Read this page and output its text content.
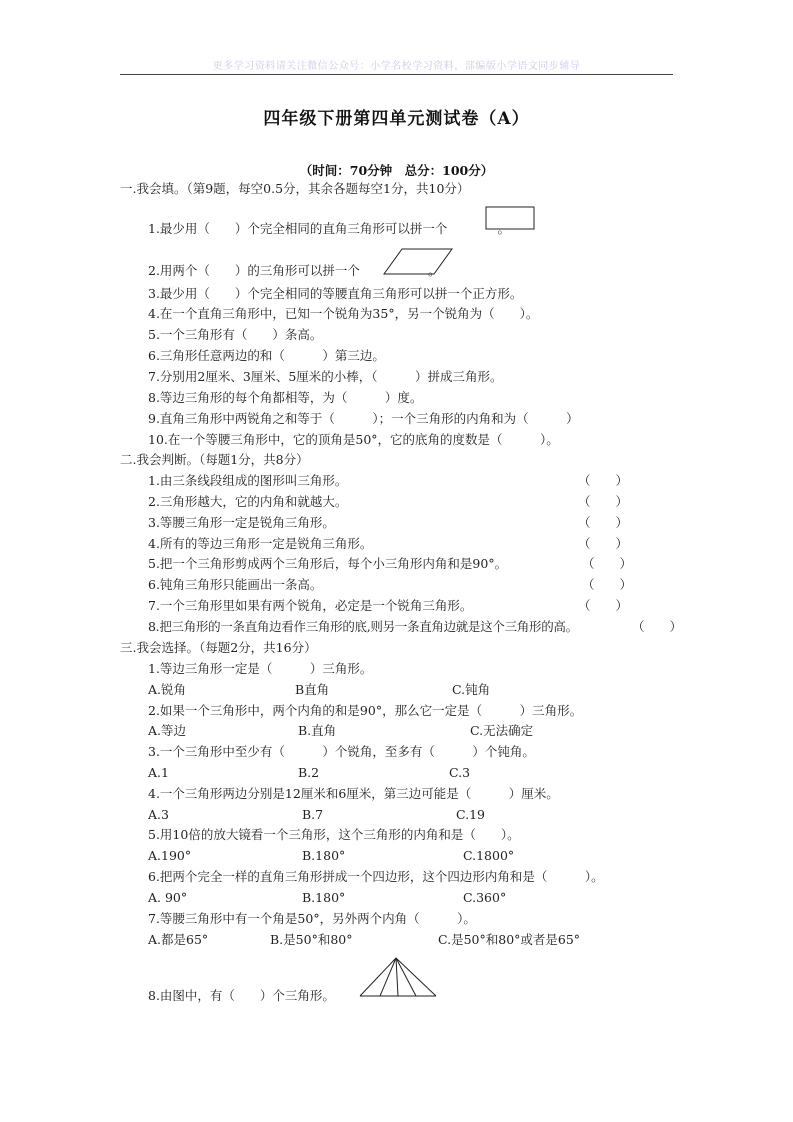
更多学习资料请关注微信公众号：小学名校学习资料，部编版小学语文同步辅导
四年级下册第四单元测试卷（A）
（时间：70分钟　总分：100分）
一.我会填。（第9题，每空0.5分，其余各题每空1分，共10分）
1.最少用（　　）个完全相同的直角三角形可以拼一个	。
2.用两个（　　）的三角形可以拼一个	。
3.最少用（　　）个完全相同的等腰直角三角形可以拼一个正方形。
4.在一个直角三角形中，已知一个锐角为35°，另一个锐角为（　　）。
5.一个三角形有（　　）条高。
6.三角形任意两边的和（　　　）第三边。
7.分别用2厘米、3厘米、5厘米的小棒，（　　　）拼成三角形。
8.等边三角形的每个角都相等，为（　　　）度。
9.直角三角形中两锐角之和等于（　　　）；一个三角形的内角和为（　　　）
10.在一个等腰三角形中，它的顶角是50°，它的底角的度数是（　　　）。
二.我会判断。（每题1分，共8分）
1.由三条线段组成的图形叫三角形。	（　　）
2.三角形越大，它的内角和就越大。	（　　）
3.等腰三角形一定是锐角三角形。	（　　）
4.所有的等边三角形一定是锐角三角形。	（　　）
5.把一个三角形剪成两个三角形后，每个小三角形内角和是90°。	（　　）
6.钝角三角形只能画出一条高。	（　　）
7.一个三角形里如果有两个锐角，必定是一个锐角三角形。	（　　）
8.把三角形的一条直角边看作三角形的底,则另一条直角边就是这个三角形的高。	（　　）
三.我会选择。（每题2分，共16分）
1.等边三角形一定是（　　　）三角形。
A.锐角	B直角	C.钝角
2.如果一个三角形中，两个内角的和是90°，那么它一定是（　　　）三角形。
A.等边	B.直角	C.无法确定
3.一个三角形中至少有（　　　）个锐角，至多有（　　　）个钝角。
A.1	B.2	C.3
4.一个三角形两边分别是12厘米和6厘米，第三边可能是（　　　）厘米。
A.3	B.7	C.19
5.用10倍的放大镜看一个三角形，这个三角形的内角和是（　　）。
A.190°	B.180°	C.1800°
6.把两个完全一样的直角三角形拼成一个四边形，这个四边形内角和是（　　　）。
A. 90°	B.180°	C.360°
7.等腰三角形中有一个角是50°，另外两个内角（　　　）。
A.都是65°	B.是50°和80°	C.是50°和80°或者是65°
8.由图中，有（　　）个三角形。
